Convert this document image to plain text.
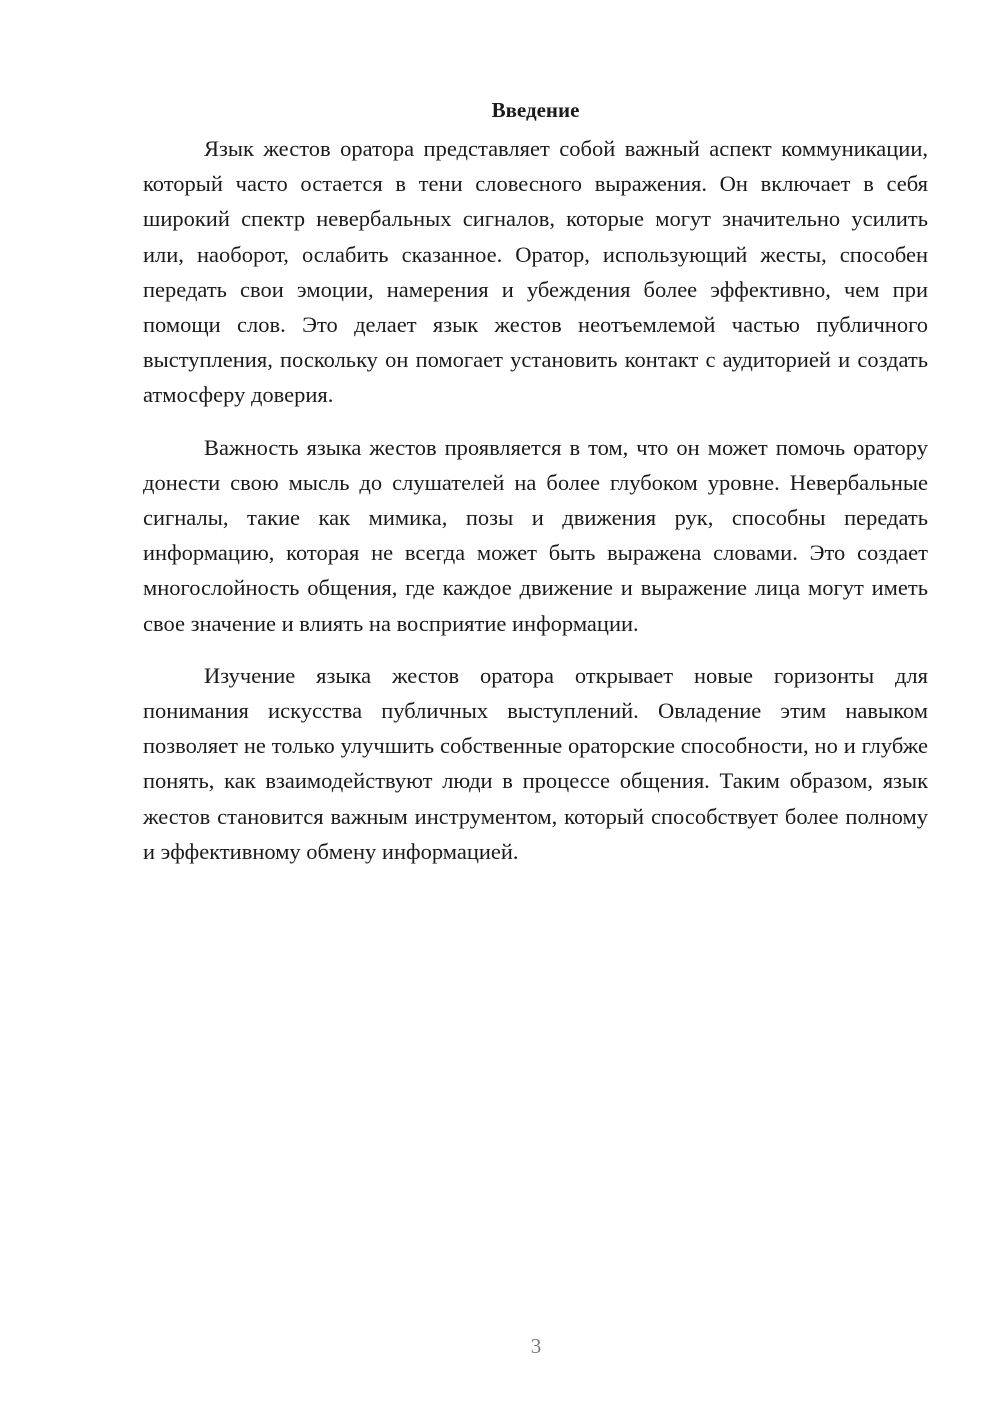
Введение

Язык жестов оратора представляет собой важный аспект коммуникации, который часто остается в тени словесного выражения. Он включает в себя широкий спектр невербальных сигналов, которые могут значительно усилить или, наоборот, ослабить сказанное. Оратор, использующий жесты, способен передать свои эмоции, намерения и убеждения более эффективно, чем при помощи слов. Это делает язык жестов неотъемлемой частью публичного выступления, поскольку он помогает установить контакт с аудиторией и создать атмосферу доверия.

Важность языка жестов проявляется в том, что он может помочь оратору донести свою мысль до слушателей на более глубоком уровне. Невербальные сигналы, такие как мимика, позы и движения рук, способны передать информацию, которая не всегда может быть выражена словами. Это создает многослойность общения, где каждое движение и выражение лица могут иметь свое значение и влиять на восприятие информации.

Изучение языка жестов оратора открывает новые горизонты для понимания искусства публичных выступлений. Овладение этим навыком позволяет не только улучшить собственные ораторские способности, но и глубже понять, как взаимодействуют люди в процессе общения. Таким образом, язык жестов становится важным инструментом, который способствует более полному и эффективному обмену информацией.

3
